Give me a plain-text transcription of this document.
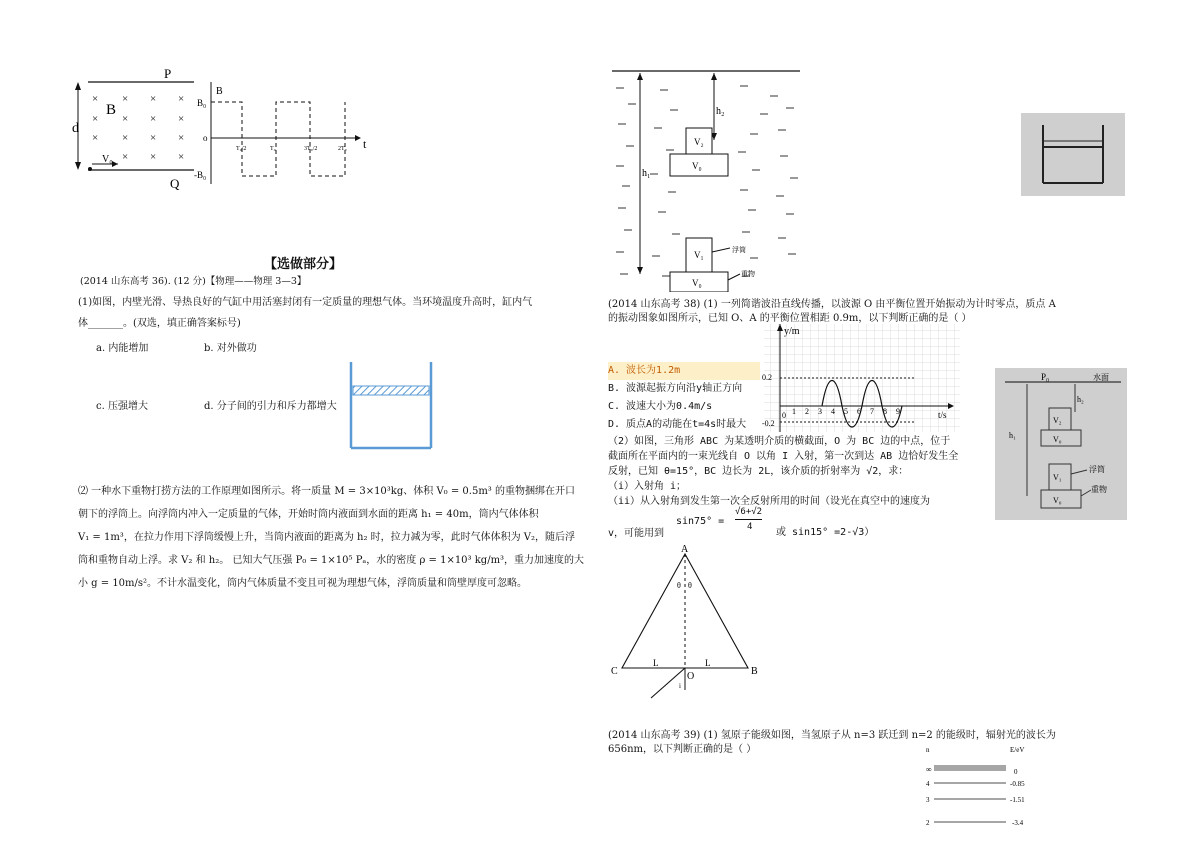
P
Q
d
× × × ×
× × × ×
× × × ×
× × ×
B
V₀
B
B₀
o
-B₀
t
T₀/2	T₀	3T₀/2	2T₀
【选做部分】
(2014 山东高考 36). (12 分)【物理——物理 3—3】
(1)如图，内壁光滑、导热良好的气缸中用活塞封闭有一定质量的理想气体。当环境温度升高时，缸内气
体_______。(双选，填正确答案标号)
a. 内能增加	b. 对外做功
c. 压强增大	d. 分子间的引力和斥力都增大
⑵ 一种水下重物打捞方法的工作原理如图所示。将一质量 M = 3×10³kg、体积 V₀ = 0.5m³ 的重物捆绑在开口
朝下的浮筒上。向浮筒内冲入一定质量的气体，开始时筒内液面到水面的距离 h₁ = 40m，筒内气体体积
V₁ = 1m³，在拉力作用下浮筒缓慢上升，当筒内液面的距离为 h₂ 时，拉力减为零，此时气体体积为 V₂，随后浮
筒和重物自动上浮。求 V₂ 和 h₂。 已知大气压强 P₀ = 1×10⁵ Pₐ，水的密度 ρ = 1×10³ kg/m³，重力加速度的大
小 g = 10m/s²。不计水温变化，筒内气体质量不变且可视为理想气体，浮筒质量和筒壁厚度可忽略。
h₁
h₂
V₂
V₀
V₁
V₀
浮筒
重物
(2014 山东高考 38) (1) 一列简谐波沿直线传播，以波源 O 由平衡位置开始振动为计时零点，质点 A
的振动图象如图所示，已知 O、A 的平衡位置相距 0.9m，以下判断正确的是（ ）
A. 波长为1.2m
B. 波源起振方向沿y轴正方向
C. 波速大小为0.4m/s
D. 质点A的动能在t=4s时最大
y/m
t/s
0.2
-0.2
0 1 2 3 4 5 6 7 8 9
P₀	水面
h₂
h₁
V₂
V₀
V₁
V₀
浮筒
重物
（2）如图，三角形 ABC 为某透明介质的横截面，O 为 BC 边的中点，位于
截面所在平面内的一束光线自 O 以角 I 入射，第一次到达 AB 边恰好发生全
反射，已知 θ=15°，BC 边长为 2L，该介质的折射率为 √2，求：
（i）入射角 i；
（ii）从入射角到发生第一次全反射所用的时间（设光在真空中的速度为
v，可能用到
sin75° =
√6+√2
4 或 sin15° =2-√3）
A
C	B
O
L	L
θ θ
i
(2014 山东高考 39) (1) 氢原子能级如图，当氢原子从 n=3 跃迁到 n=2 的能级时，辐射光的波长为
656nm，以下判断正确的是（ ）	n	E/eV
∞	0
4	-0.85
3	-1.51
2	-3.4
